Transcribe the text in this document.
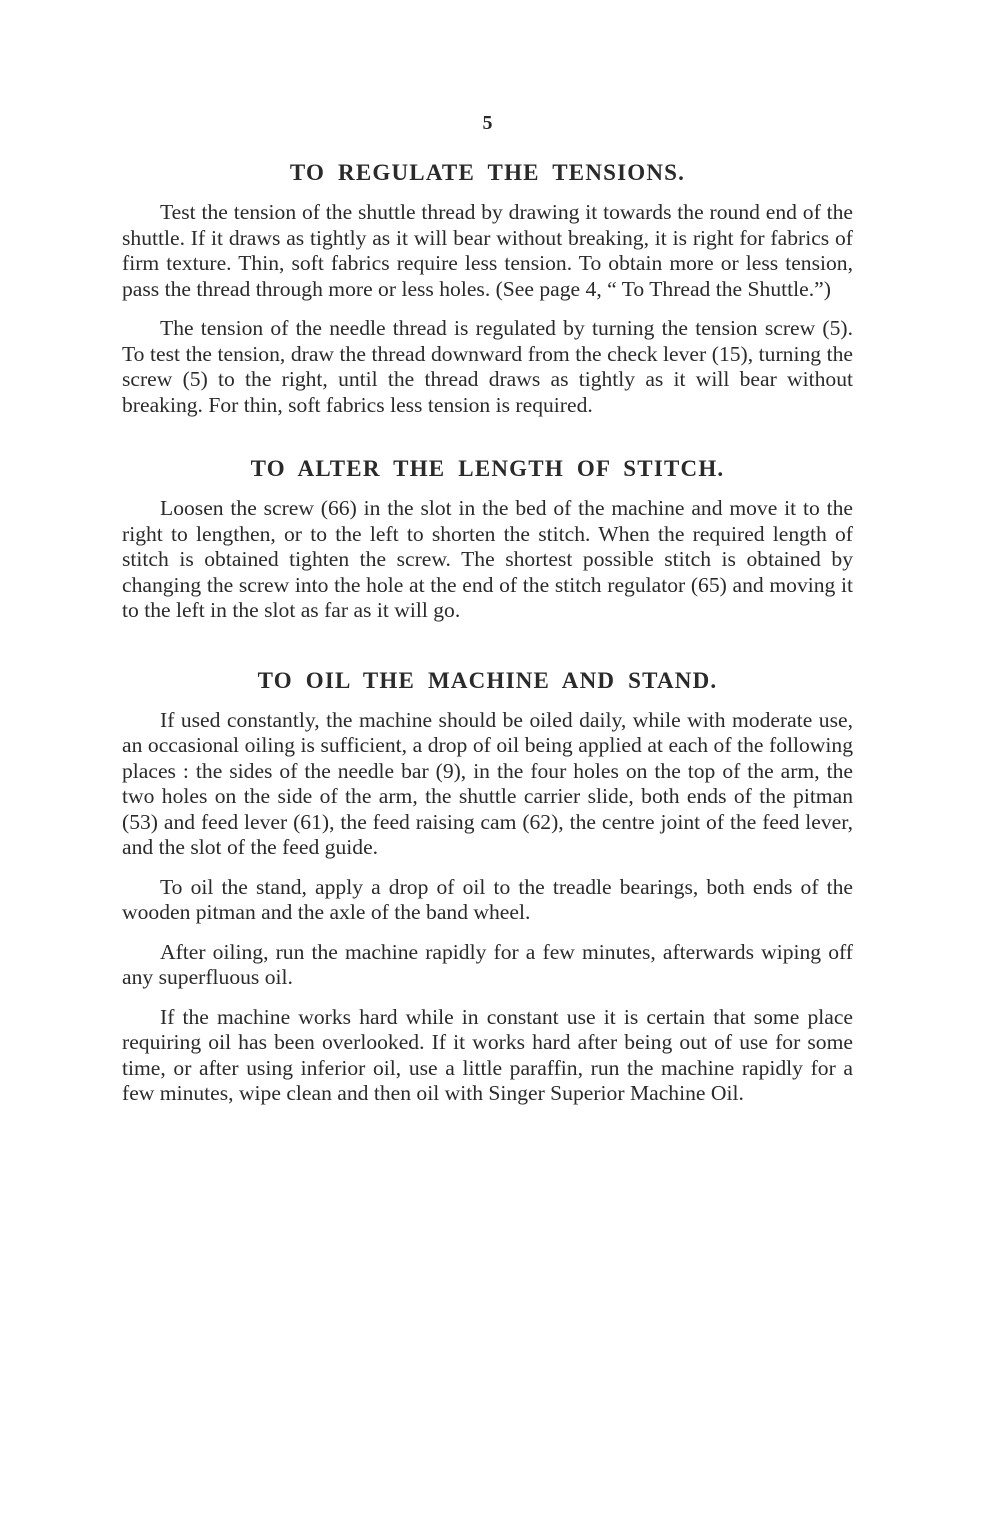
5
TO REGULATE THE TENSIONS.

Test the tension of the shuttle thread by drawing it towards the round end of the shuttle. If it draws as tightly as it will bear without breaking, it is right for fabrics of firm texture. Thin, soft fabrics require less tension. To obtain more or less tension, pass the thread through more or less holes. (See page 4, “ To Thread the Shuttle.”)

The tension of the needle thread is regulated by turning the tension screw (5). To test the tension, draw the thread downward from the check lever (15), turning the screw (5) to the right, until the thread draws as tightly as it will bear without breaking. For thin, soft fabrics less tension is required.

TO ALTER THE LENGTH OF STITCH.

Loosen the screw (66) in the slot in the bed of the machine and move it to the right to lengthen, or to the left to shorten the stitch. When the required length of stitch is obtained tighten the screw. The shortest possible stitch is obtained by changing the screw into the hole at the end of the stitch regulator (65) and moving it to the left in the slot as far as it will go.

TO OIL THE MACHINE AND STAND.

If used constantly, the machine should be oiled daily, while with moderate use, an occasional oiling is sufficient, a drop of oil being applied at each of the following places : the sides of the needle bar (9), in the four holes on the top of the arm, the two holes on the side of the arm, the shuttle carrier slide, both ends of the pitman (53) and feed lever (61), the feed raising cam (62), the centre joint of the feed lever, and the slot of the feed guide.

To oil the stand, apply a drop of oil to the treadle bearings, both ends of the wooden pitman and the axle of the band wheel.

After oiling, run the machine rapidly for a few minutes, afterwards wiping off any superfluous oil.

If the machine works hard while in constant use it is certain that some place requiring oil has been overlooked. If it works hard after being out of use for some time, or after using inferior oil, use a little paraffin, run the machine rapidly for a few minutes, wipe clean and then oil with Singer Superior Machine Oil.
